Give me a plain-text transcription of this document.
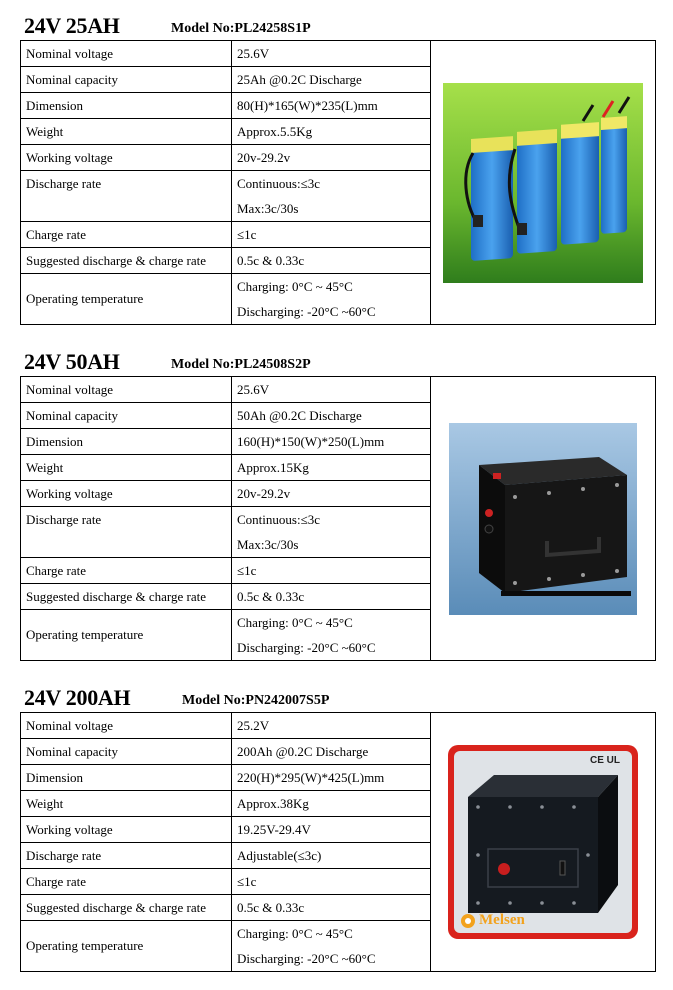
24V 25AH	Model No:PL24258S1P
Nominal voltage	25.6V	
Nominal capacity	25Ah @0.2C Discharge	
Dimension	80(H)*165(W)*235(L)mm	
Weight	Approx.5.5Kg	
Working voltage	20v-29.2v	
Discharge rate	Continuous:≤3c	
	Max:3c/30s	
Charge rate	≤1c	
Suggested discharge & charge rate	0.5c & 0.33c	
Operating temperature	Charging: 0°C ~ 45°C	
	Discharging: -20°C ~60°C	
24V 50AH	Model No:PL24508S2P
Nominal voltage	25.6V	
Nominal capacity	50Ah @0.2C Discharge	
Dimension	160(H)*150(W)*250(L)mm	
Weight	Approx.15Kg	
Working voltage	20v-29.2v	
Discharge rate	Continuous:≤3c	
	Max:3c/30s	
Charge rate	≤1c	
Suggested discharge & charge rate	0.5c & 0.33c	
Operating temperature	Charging: 0°C ~ 45°C	
	Discharging: -20°C ~60°C	
24V 200AH	Model No:PN242007S5P
Nominal voltage	25.2V	CE UL
Melsen

Nominal capacity	200Ah @0.2C Discharge	
Dimension	220(H)*295(W)*425(L)mm	
Weight	Approx.38Kg	
Working voltage	19.25V-29.4V	
Discharge rate	Adjustable(≤3c)	
Charge rate	≤1c	
Suggested discharge & charge rate	0.5c & 0.33c	
Operating temperature	Charging: 0°C ~ 45°C	
	Discharging: -20°C ~60°C	
